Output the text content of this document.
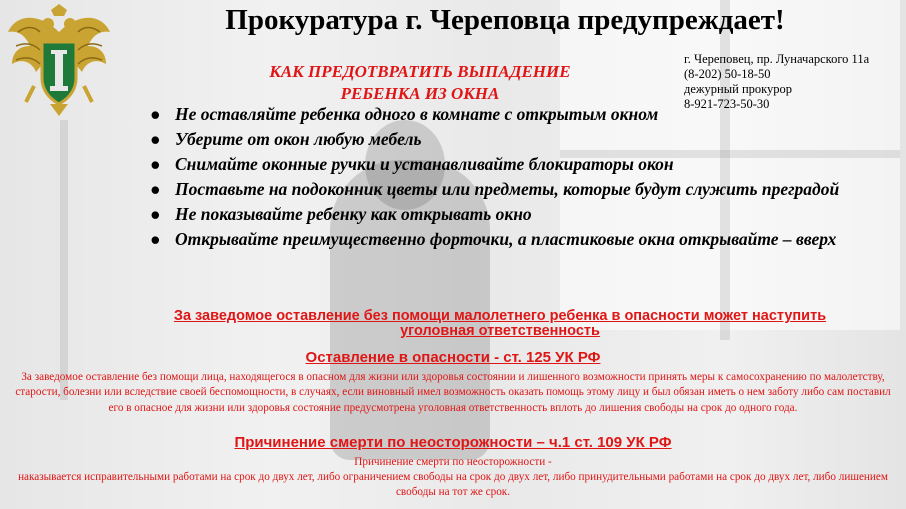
Прокуратура г. Череповца предупреждает!
г. Череповец, пр. Луначарского 11а
(8-202) 50-18-50
дежурный прокурор
8-921-723-50-30
КАК ПРЕДОТВРАТИТЬ ВЫПАДЕНИЕ
РЕБЕНКА ИЗ ОКНА
● Не оставляйте ребенка одного в комнате с открытым окном
● Уберите от окон любую мебель
● Снимайте оконные ручки и устанавливайте блокираторы окон
● Поставьте на подоконник цветы или предметы, которые будут служить преградой
● Не показывайте ребенку как открывать окно
● Открывайте преимущественно форточки, а пластиковые окна открывайте – вверх
За заведомое оставление без помощи малолетнего ребенка в опасности может наступить уголовная ответственность
Оставление в опасности - ст. 125 УК РФ
За заведомое оставление без помощи лица, находящегося в опасном для жизни или здоровья состоянии и лишенного возможности принять меры к самосохранению по малолетству, старости, болезни или вследствие своей беспомощности, в случаях, если виновный имел возможность оказать помощь этому лицу и был обязан иметь о нем заботу либо сам поставил его в опасное для жизни или здоровья состояние предусмотрена уголовная ответственность вплоть до лишения свободы на срок до одного года.
Причинение смерти по неосторожности – ч.1 ст. 109 УК РФ
Причинение смерти по неосторожности -
наказывается исправительными работами на срок до двух лет, либо ограничением свободы на срок до двух лет, либо принудительными работами на срок до двух лет, либо лишением свободы на тот же срок.
